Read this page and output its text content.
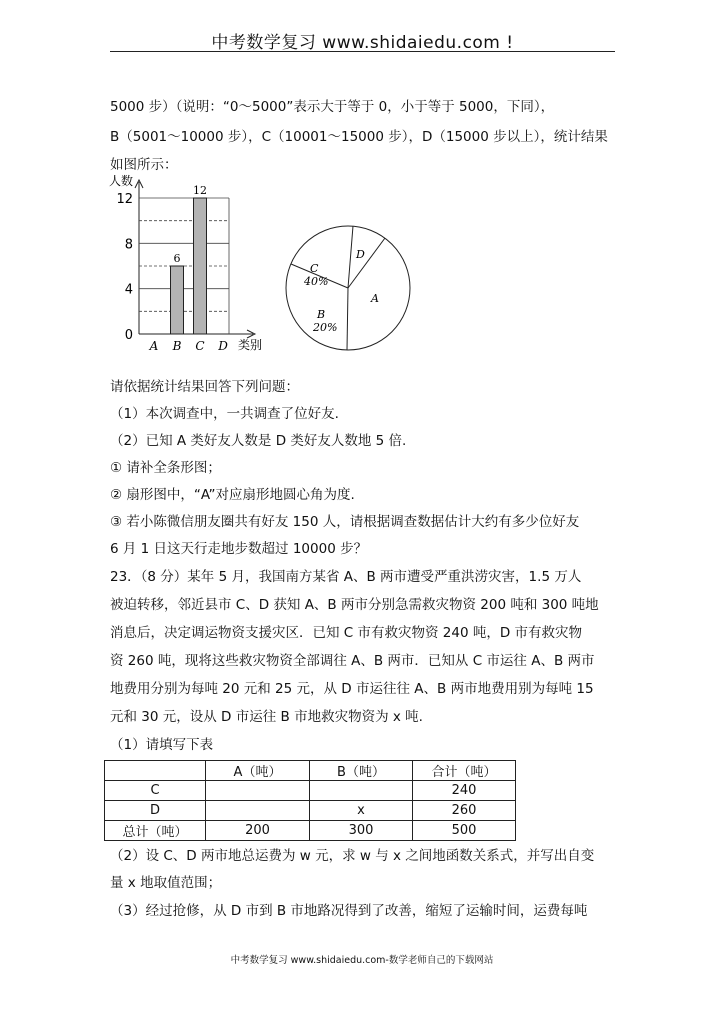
中考数学复习 www.shidaiedu.com !
5000 步）（说明：“0～5000”表示大于等于 0，小于等于 5000，下同），
B（5001～10000 步），C（10001～15000 步），D（15000 步以上），统计结果
如图所示：
0
4
8
12
A B C D
6
12
人数
类别
C
40%
D
A
B
20%
请依据统计结果回答下列问题：
（1）本次调查中，一共调查了位好友.
（2）已知 A 类好友人数是 D 类好友人数地 5 倍.
① 请补全条形图；
② 扇形图中，“A”对应扇形地圆心角为度.
③ 若小陈微信朋友圈共有好友 150 人，请根据调查数据估计大约有多少位好友
6 月 1 日这天行走地步数超过 10000 步？
23．（8 分）某年 5 月，我国南方某省 A、B 两市遭受严重洪涝灾害，1.5 万人
被迫转移，邻近县市 C、D 获知 A、B 两市分别急需救灾物资 200 吨和 300 吨地
消息后，决定调运物资支援灾区．已知 C 市有救灾物资 240 吨，D 市有救灾物
资 260 吨，现将这些救灾物资全部调往 A、B 两市．已知从 C 市运往 A、B 两市
地费用分别为每吨 20 元和 25 元，从 D 市运往往 A、B 两市地费用别为每吨 15
元和 30 元，设从 D 市运往 B 市地救灾物资为 x 吨.
（1）请填写下表
	A（吨）	B（吨）	合计（吨）
C			240
D		x	260
总计（吨）	200	300	500
（2）设 C、D 两市地总运费为 w 元，求 w 与 x 之间地函数关系式，并写出自变
量 x 地取值范围；
（3）经过抢修，从 D 市到 B 市地路况得到了改善，缩短了运输时间，运费每吨
中考数学复习 www.shidaiedu.com-数学老师自己的下载网站
